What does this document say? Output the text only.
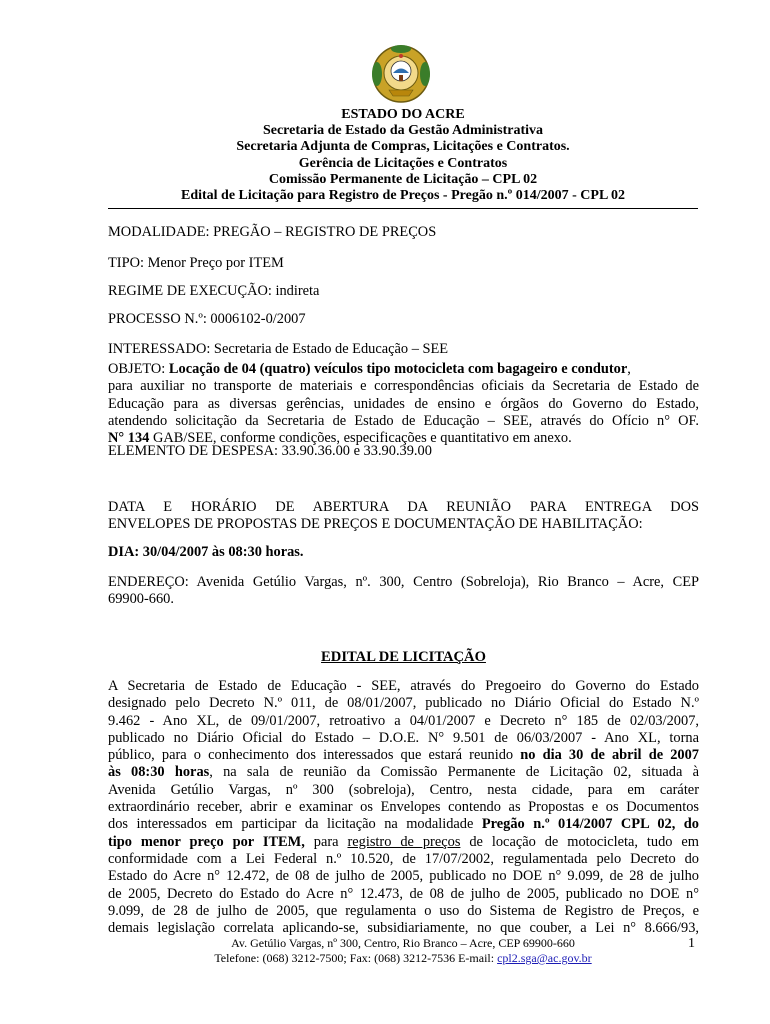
ESTADO DO ACRE
Secretaria de Estado da Gestão Administrativa
Secretaria Adjunta de Compras, Licitações e Contratos.
Gerência de Licitações e Contratos
Comissão Permanente de Licitação – CPL 02
Edital de Licitação para Registro de Preços - Pregão n.º 014/2007 - CPL 02
MODALIDADE: PREGÃO – REGISTRO DE PREÇOS
TIPO: Menor Preço por ITEM
REGIME DE EXECUÇÃO: indireta
PROCESSO N.º: 0006102-0/2007
INTERESSADO: Secretaria de Estado de Educação – SEE
OBJETO: Locação de 04 (quatro) veículos tipo motocicleta com bagageiro e condutor,
para auxiliar no transporte de materiais e correspondências oficiais da Secretaria de Estado de
Educação para as diversas gerências, unidades de ensino e órgãos do Governo do Estado,
atendendo solicitação da Secretaria de Estado de Educação – SEE, através do Ofício n° OF.
N° 134 GAB/SEE, conforme condições, especificações e quantitativo em anexo.
ELEMENTO DE DESPESA: 33.90.36.00 e 33.90.39.00
DATA E HORÁRIO DE ABERTURA DA REUNIÃO PARA ENTREGA DOS
ENVELOPES DE PROPOSTAS DE PREÇOS E DOCUMENTAÇÃO DE HABILITAÇÃO:
DIA: 30/04/2007 às 08:30 horas.
ENDEREÇO: Avenida Getúlio Vargas, nº. 300, Centro (Sobreloja), Rio Branco – Acre, CEP
69900-660.
EDITAL DE LICITAÇÃO
A Secretaria de Estado de Educação - SEE, através do Pregoeiro do Governo do Estado
designado pelo Decreto N.º 011, de 08/01/2007, publicado no Diário Oficial do Estado N.º
9.462 - Ano XL, de 09/01/2007, retroativo a 04/01/2007 e Decreto n° 185 de 02/03/2007,
publicado no Diário Oficial do Estado – D.O.E. N° 9.501 de 06/03/2007 - Ano XL, torna
público, para o conhecimento dos interessados que estará reunido no dia 30 de abril de 2007
às 08:30 horas, na sala de reunião da Comissão Permanente de Licitação 02, situada à
Avenida Getúlio Vargas, nº 300 (sobreloja), Centro, nesta cidade, para em caráter
extraordinário receber, abrir e examinar os Envelopes contendo as Propostas e os Documentos
dos interessados em participar da licitação na modalidade Pregão n.º 014/2007 CPL 02, do
tipo menor preço por ITEM, para registro de preços de locação de motocicleta, tudo em
conformidade com a Lei Federal n.º 10.520, de 17/07/2002, regulamentada pelo Decreto do
Estado do Acre n° 12.472, de 08 de julho de 2005, publicado no DOE n° 9.099, de 28 de julho
de 2005, Decreto do Estado do Acre n° 12.473, de 08 de julho de 2005, publicado no DOE n°
9.099, de 28 de julho de 2005, que regulamenta o uso do Sistema de Registro de Preços, e
demais legislação correlata aplicando-se, subsidiariamente, no que couber, a Lei n° 8.666/93,
Av. Getúlio Vargas, nº 300, Centro, Rio Branco – Acre, CEP 69900-660
Telefone: (068) 3212-7500; Fax: (068) 3212-7536 E-mail: cpl2.sga@ac.gov.br
1
